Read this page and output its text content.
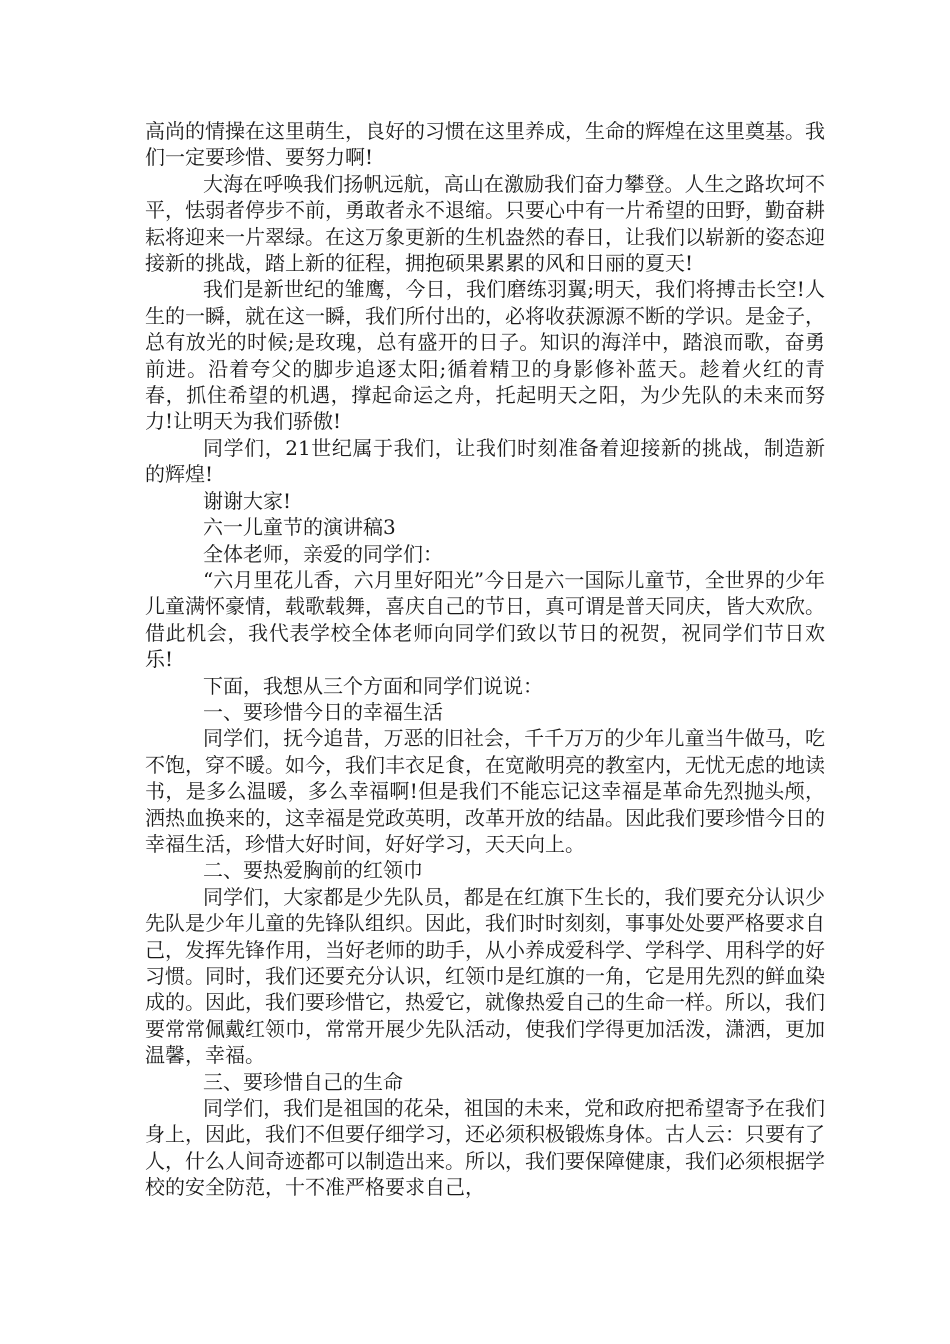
高尚的情操在这里萌生，良好的习惯在这里养成，生命的辉煌在这里奠基。我们一定要珍惜、要努力啊!

大海在呼唤我们扬帆远航，高山在激励我们奋力攀登。人生之路坎坷不平，怯弱者停步不前，勇敢者永不退缩。只要心中有一片希望的田野，勤奋耕耘将迎来一片翠绿。在这万象更新的生机盎然的春日，让我们以崭新的姿态迎接新的挑战，踏上新的征程，拥抱硕果累累的风和日丽的夏天!

我们是新世纪的雏鹰，今日，我们磨练羽翼;明天，我们将搏击长空!人生的一瞬，就在这一瞬，我们所付出的，必将收获源源不断的学识。是金子，总有放光的时候;是玫瑰，总有盛开的日子。知识的海洋中，踏浪而歌，奋勇前进。沿着夸父的脚步追逐太阳;循着精卫的身影修补蓝天。趁着火红的青春，抓住希望的机遇，撑起命运之舟，托起明天之阳，为少先队的未来而努力!让明天为我们骄傲!

同学们，21世纪属于我们，让我们时刻准备着迎接新的挑战，制造新的辉煌!

谢谢大家!

六一儿童节的演讲稿3

全体老师，亲爱的同学们：

“六月里花儿香，六月里好阳光”今日是六一国际儿童节，全世界的少年儿童满怀豪情，载歌载舞，喜庆自己的节日，真可谓是普天同庆，皆大欢欣。借此机会，我代表学校全体老师向同学们致以节日的祝贺，祝同学们节日欢乐!

下面，我想从三个方面和同学们说说：

一、要珍惜今日的幸福生活

同学们，抚今追昔，万恶的旧社会，千千万万的少年儿童当牛做马，吃不饱，穿不暖。如今，我们丰衣足食，在宽敞明亮的教室内，无忧无虑的地读书，是多么温暖，多么幸福啊!但是我们不能忘记这幸福是革命先烈抛头颅，洒热血换来的，这幸福是党政英明，改革开放的结晶。因此我们要珍惜今日的幸福生活，珍惜大好时间，好好学习，天天向上。

二、要热爱胸前的红领巾

同学们，大家都是少先队员，都是在红旗下生长的，我们要充分认识少先队是少年儿童的先锋队组织。因此，我们时时刻刻，事事处处要严格要求自己，发挥先锋作用，当好老师的助手，从小养成爱科学、学科学、用科学的好习惯。同时，我们还要充分认识，红领巾是红旗的一角，它是用先烈的鲜血染成的。因此，我们要珍惜它，热爱它，就像热爱自己的生命一样。所以，我们要常常佩戴红领巾，常常开展少先队活动，使我们学得更加活泼，潇洒，更加温馨，幸福。

三、要珍惜自己的生命

同学们，我们是祖国的花朵，祖国的未来，党和政府把希望寄予在我们身上，因此，我们不但要仔细学习，还必须积极锻炼身体。古人云：只要有了人，什么人间奇迹都可以制造出来。所以，我们要保障健康，我们必须根据学校的安全防范，十不准严格要求自己，
